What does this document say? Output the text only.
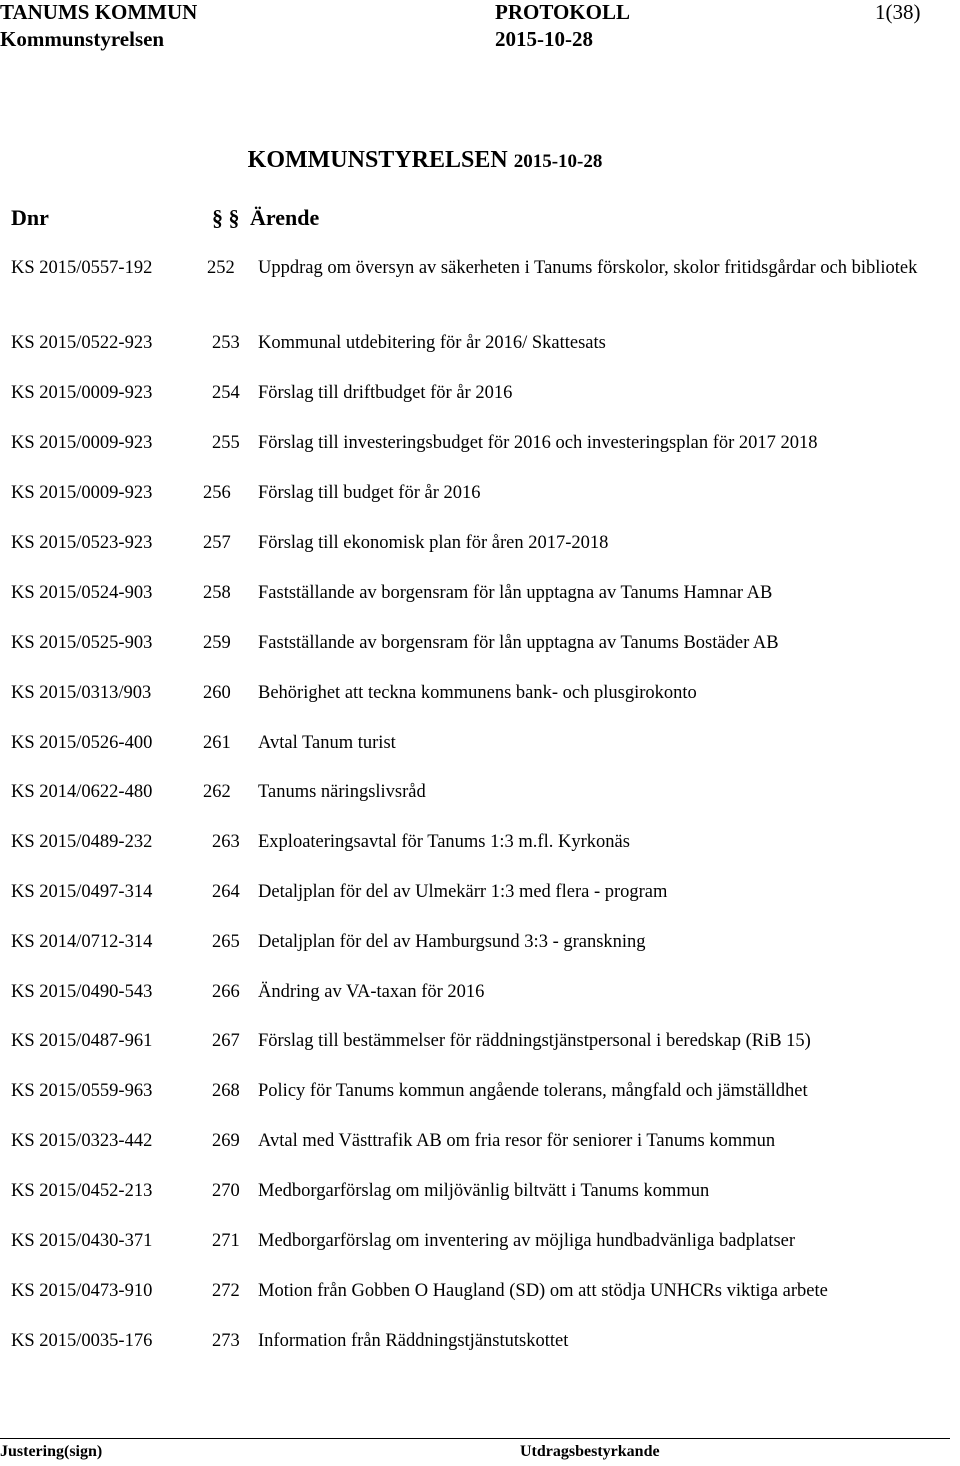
TANUMS KOMMUN
Kommunstyrelsen
PROTOKOLL
2015-10-28
1(38)
KOMMUNSTYRELSEN 2015-10-28
Dnr	§ § Ärende
KS 2015/0557-192	252 Uppdrag om översyn av säkerheten i Tanums förskolor, skolor fritidsgårdar och bibliotek
KS 2015/0522-923	253 Kommunal utdebitering för år 2016/ Skattesats
KS 2015/0009-923	254 Förslag till driftbudget för år 2016
KS 2015/0009-923	255 Förslag till investeringsbudget för 2016 och investeringsplan för 2017 2018
KS 2015/0009-923	256 Förslag till budget för år 2016
KS 2015/0523-923	257 Förslag till ekonomisk plan för åren 2017-2018
KS 2015/0524-903	258 Fastställande av borgensram för lån upptagna av Tanums Hamnar AB
KS 2015/0525-903	259 Fastställande av borgensram för lån upptagna av Tanums Bostäder AB
KS 2015/0313/903	260 Behörighet att teckna kommunens bank- och plusgirokonto
KS 2015/0526-400	261 Avtal Tanum turist
KS 2014/0622-480	262 Tanums näringslivsråd
KS 2015/0489-232	263 Exploateringsavtal för Tanums 1:3 m.fl. Kyrkonäs
KS 2015/0497-314	264 Detaljplan för del av Ulmekärr 1:3 med flera - program
KS 2014/0712-314	265 Detaljplan för del av Hamburgsund 3:3 - granskning
KS 2015/0490-543	266 Ändring av VA-taxan för 2016
KS 2015/0487-961	267 Förslag till bestämmelser för räddningstjänstpersonal i beredskap (RiB 15)
KS 2015/0559-963	268 Policy för Tanums kommun angående tolerans, mångfald och jämställdhet
KS 2015/0323-442	269 Avtal med Västtrafik AB om fria resor för seniorer i Tanums kommun
KS 2015/0452-213	270 Medborgarförslag om miljövänlig biltvätt i Tanums kommun
KS 2015/0430-371	271 Medborgarförslag om inventering av möjliga hundbadvänliga badplatser
KS 2015/0473-910	272 Motion från Gobben O Haugland (SD) om att stödja UNHCRs viktiga arbete
KS 2015/0035-176	273 Information från Räddningstjänstutskottet
Justering(sign)	Utdragsbestyrkande
